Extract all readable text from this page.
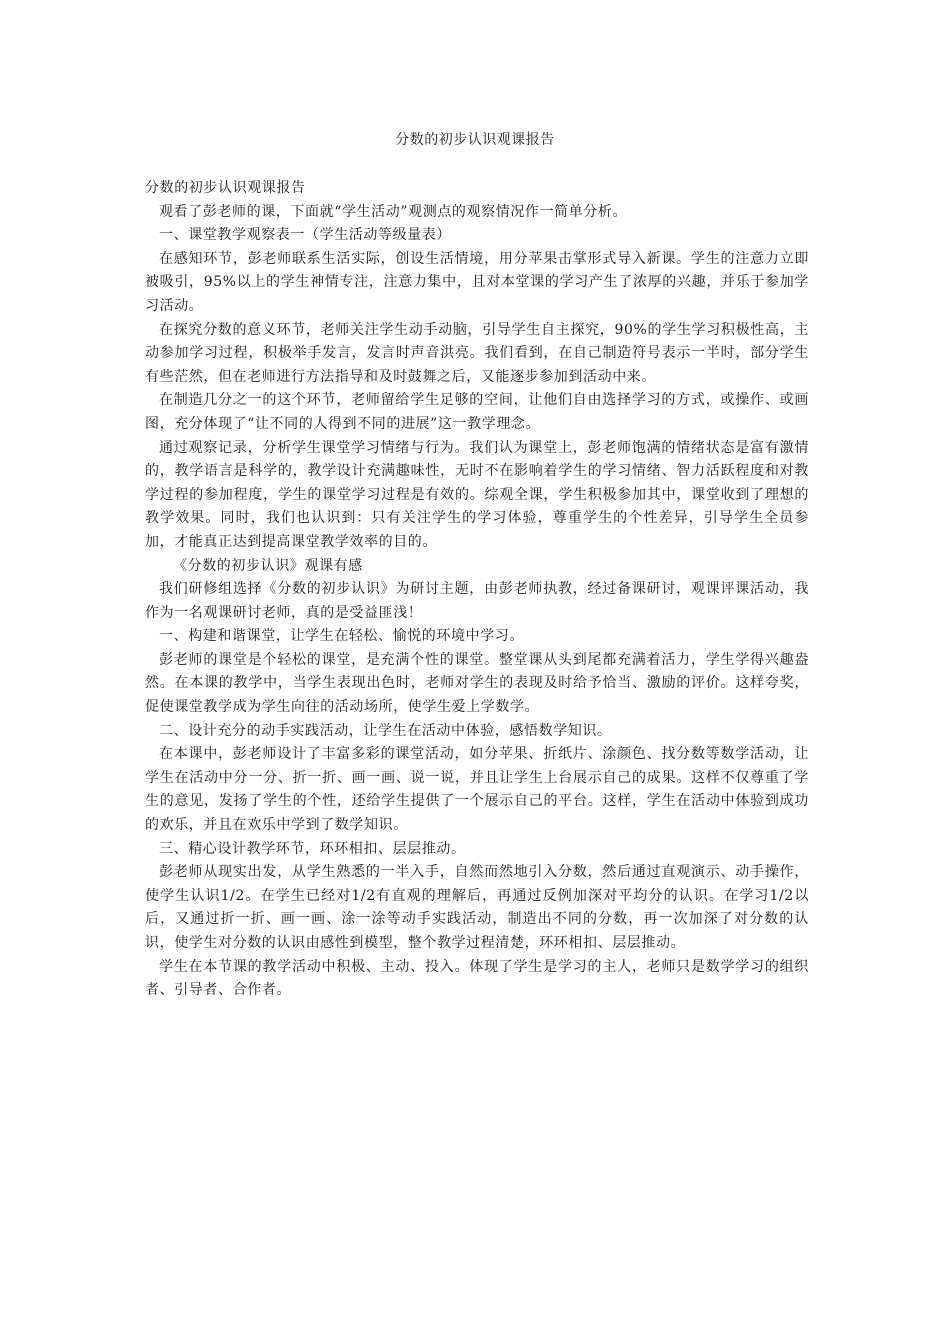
分数的初步认识观课报告

分数的初步认识观课报告

观看了彭老师的课，下面就“学生活动”观测点的观察情况作一简单分析。

一、课堂教学观察表一（学生活动等级量表）

在感知环节，彭老师联系生活实际，创设生活情境，用分苹果击掌形式导入新课。学生的注意力立即被吸引，95%以上的学生神情专注，注意力集中，且对本堂课的学习产生了浓厚的兴趣，并乐于参加学习活动。

在探究分数的意义环节，老师关注学生动手动脑，引导学生自主探究，90%的学生学习积极性高，主动参加学习过程，积极举手发言，发言时声音洪亮。我们看到，在自己制造符号表示一半时，部分学生有些茫然，但在老师进行方法指导和及时鼓舞之后，又能逐步参加到活动中来。

在制造几分之一的这个环节，老师留给学生足够的空间，让他们自由选择学习的方式，或操作、或画图，充分体现了“让不同的人得到不同的进展”这一教学理念。

通过观察记录，分析学生课堂学习情绪与行为。我们认为课堂上，彭老师饱满的情绪状态是富有激情的，教学语言是科学的，教学设计充满趣味性，无时不在影响着学生的学习情绪、智力活跃程度和对教学过程的参加程度，学生的课堂学习过程是有效的。综观全课，学生积极参加其中，课堂收到了理想的教学效果。同时，我们也认识到：只有关注学生的学习体验，尊重学生的个性差异，引导学生全员参加，才能真正达到提高课堂教学效率的目的。

《分数的初步认识》观课有感

我们研修组选择《分数的初步认识》为研讨主题，由彭老师执教，经过备课研讨，观课评课活动，我作为一名观课研讨老师，真的是受益匪浅！

一、构建和谐课堂，让学生在轻松、愉悦的环境中学习。

彭老师的课堂是个轻松的课堂，是充满个性的课堂。整堂课从头到尾都充满着活力，学生学得兴趣盎然。在本课的教学中，当学生表现出色时，老师对学生的表现及时给予恰当、激励的评价。这样夸奖，促使课堂教学成为学生向往的活动场所，使学生爱上学数学。

二、设计充分的动手实践活动，让学生在活动中体验，感悟数学知识。

在本课中，彭老师设计了丰富多彩的课堂活动，如分苹果、折纸片、涂颜色、找分数等数学活动，让学生在活动中分一分、折一折、画一画、说一说，并且让学生上台展示自己的成果。这样不仅尊重了学生的意见，发扬了学生的个性，还给学生提供了一个展示自己的平台。这样，学生在活动中体验到成功的欢乐，并且在欢乐中学到了数学知识。

三、精心设计教学环节，环环相扣、层层推动。

彭老师从现实出发，从学生熟悉的一半入手，自然而然地引入分数，然后通过直观演示、动手操作，使学生认识1/2。在学生已经对1/2有直观的理解后，再通过反例加深对平均分的认识。在学习1/2以后，又通过折一折、画一画、涂一涂等动手实践活动，制造出不同的分数，再一次加深了对分数的认识，使学生对分数的认识由感性到模型，整个教学过程清楚，环环相扣、层层推动。

学生在本节课的教学活动中积极、主动、投入。体现了学生是学习的主人，老师只是数学学习的组织者、引导者、合作者。
